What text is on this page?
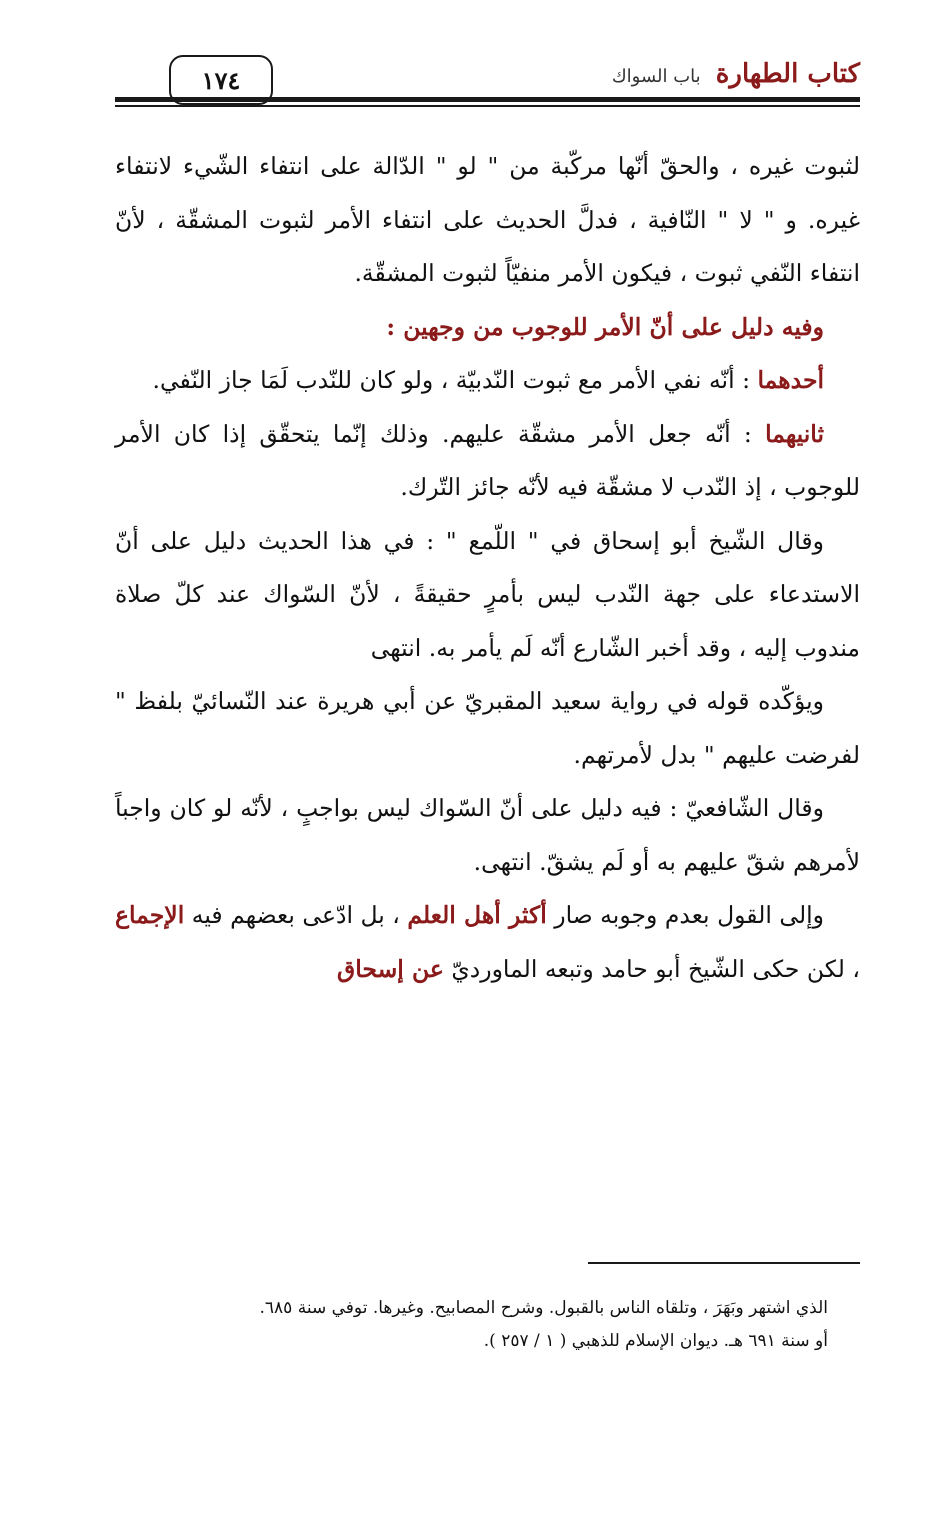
١٧٤	كتاب الطهارة باب السواك

لثبوت غيره ، والحقّ أنّها مركّبة من " لو " الدّالة على انتفاء الشّيء لانتفاء غيره. و " لا " النّافية ، فدلَّ الحديث على انتفاء الأمر لثبوت المشقّة ، لأنّ انتفاء النّفي ثبوت ، فيكون الأمر منفيّاً لثبوت المشقّة.

وفيه دليل على أنّ الأمر للوجوب من وجهين :

أحدهما : أنّه نفي الأمر مع ثبوت النّدبيّة ، ولو كان للنّدب لَمَا جاز النّفي.

ثانيهما : أنّه جعل الأمر مشقّة عليهم. وذلك إنّما يتحقّق إذا كان الأمر للوجوب ، إذ النّدب لا مشقّة فيه لأنّه جائز التّرك.

وقال الشّيخ أبو إسحاق في " اللّمع " : في هذا الحديث دليل على أنّ الاستدعاء على جهة النّدب ليس بأمرٍ حقيقةً ، لأنّ السّواك عند كلّ صلاة مندوب إليه ، وقد أخبر الشّارع أنّه لَم يأمر به. انتهى

ويؤكّده قوله في رواية سعيد المقبريّ عن أبي هريرة عند النّسائيّ بلفظ " لفرضت عليهم " بدل لأمرتهم.

وقال الشّافعيّ : فيه دليل على أنّ السّواك ليس بواجبٍ ، لأنّه لو كان واجباً لأمرهم شقّ عليهم به أو لَم يشقّ. انتهى.

وإلى القول بعدم وجوبه صار أكثر أهل العلم ، بل ادّعى بعضهم فيه الإجماع ، لكن حكى الشّيخ أبو حامد وتبعه الماورديّ عن إسحاق

الذي اشتهر وبَهَرَ ، وتلقاه الناس بالقبول. وشرح المصابيح. وغيرها. توفي سنة ٦٨٥.

أو سنة ٦٩١ هـ. ديوان الإسلام للذهبي ( ١ / ٢٥٧ ).
